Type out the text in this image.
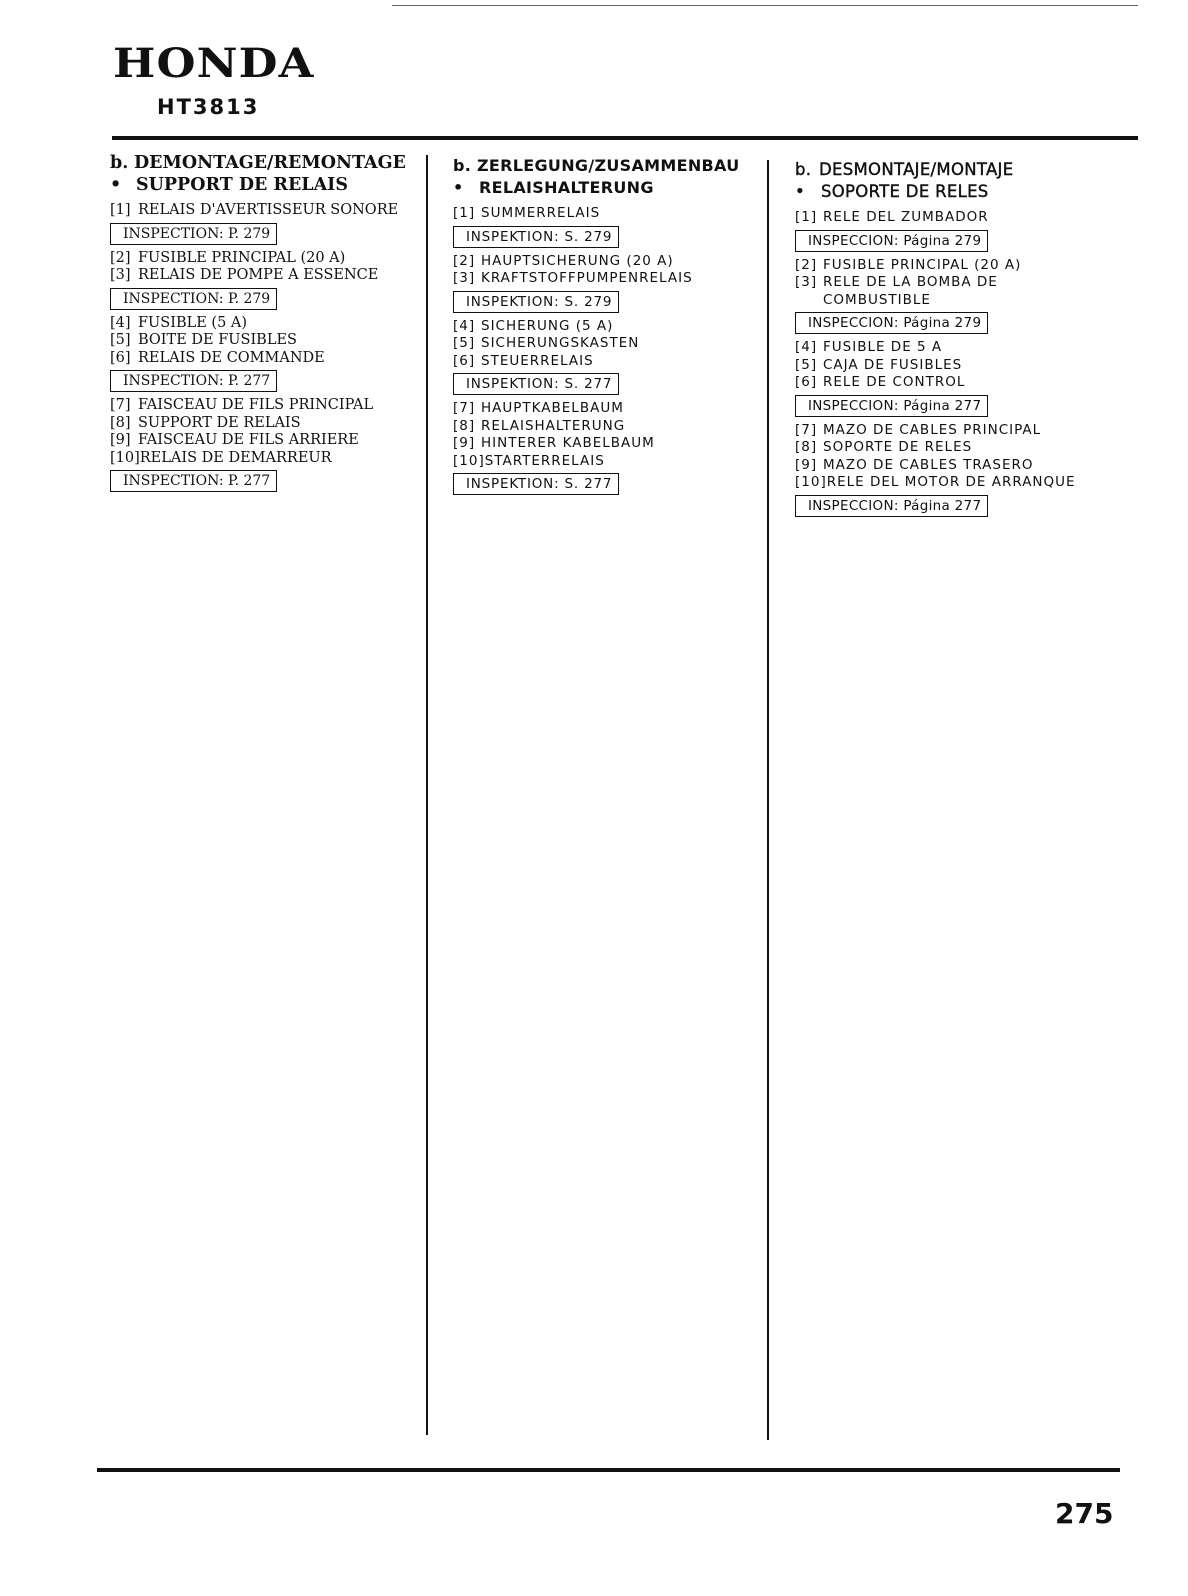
HONDA
HT3813
b. DEMONTAGE/REMONTAGE
• SUPPORT DE RELAIS
[1] RELAIS D'AVERTISSEUR SONORE
INSPECTION: P. 279
[2] FUSIBLE PRINCIPAL (20 A)
[3] RELAIS DE POMPE A ESSENCE
INSPECTION: P. 279
[4] FUSIBLE (5 A)
[5] BOITE DE FUSIBLES
[6] RELAIS DE COMMANDE
INSPECTION: P. 277
[7] FAISCEAU DE FILS PRINCIPAL
[8] SUPPORT DE RELAIS
[9] FAISCEAU DE FILS ARRIERE
[10]RELAIS DE DEMARREUR
INSPECTION: P. 277
b. ZERLEGUNG/ZUSAMMENBAU
• RELAISHALTERUNG
[1] SUMMERRELAIS
INSPEKTION: S. 279
[2] HAUPTSICHERUNG (20 A)
[3] KRAFTSTOFFPUMPENRELAIS
INSPEKTION: S. 279
[4] SICHERUNG (5 A)
[5] SICHERUNGSKASTEN
[6] STEUERRELAIS
INSPEKTION: S. 277
[7] HAUPTKABELBAUM
[8] RELAISHALTERUNG
[9] HINTERER KABELBAUM
[10]STARTERRELAIS
INSPEKTION: S. 277
b. DESMONTAJE/MONTAJE
• SOPORTE DE RELES
[1] RELE DEL ZUMBADOR
INSPECCION: Página 279
[2] FUSIBLE PRINCIPAL (20 A)
[3] RELE DE LA BOMBA DE
COMBUSTIBLE
INSPECCION: Página 279
[4] FUSIBLE DE 5 A
[5] CAJA DE FUSIBLES
[6] RELE DE CONTROL
INSPECCION: Página 277
[7] MAZO DE CABLES PRINCIPAL
[8] SOPORTE DE RELES
[9] MAZO DE CABLES TRASERO
[10]RELE DEL MOTOR DE ARRANQUE
INSPECCION: Página 277
275
